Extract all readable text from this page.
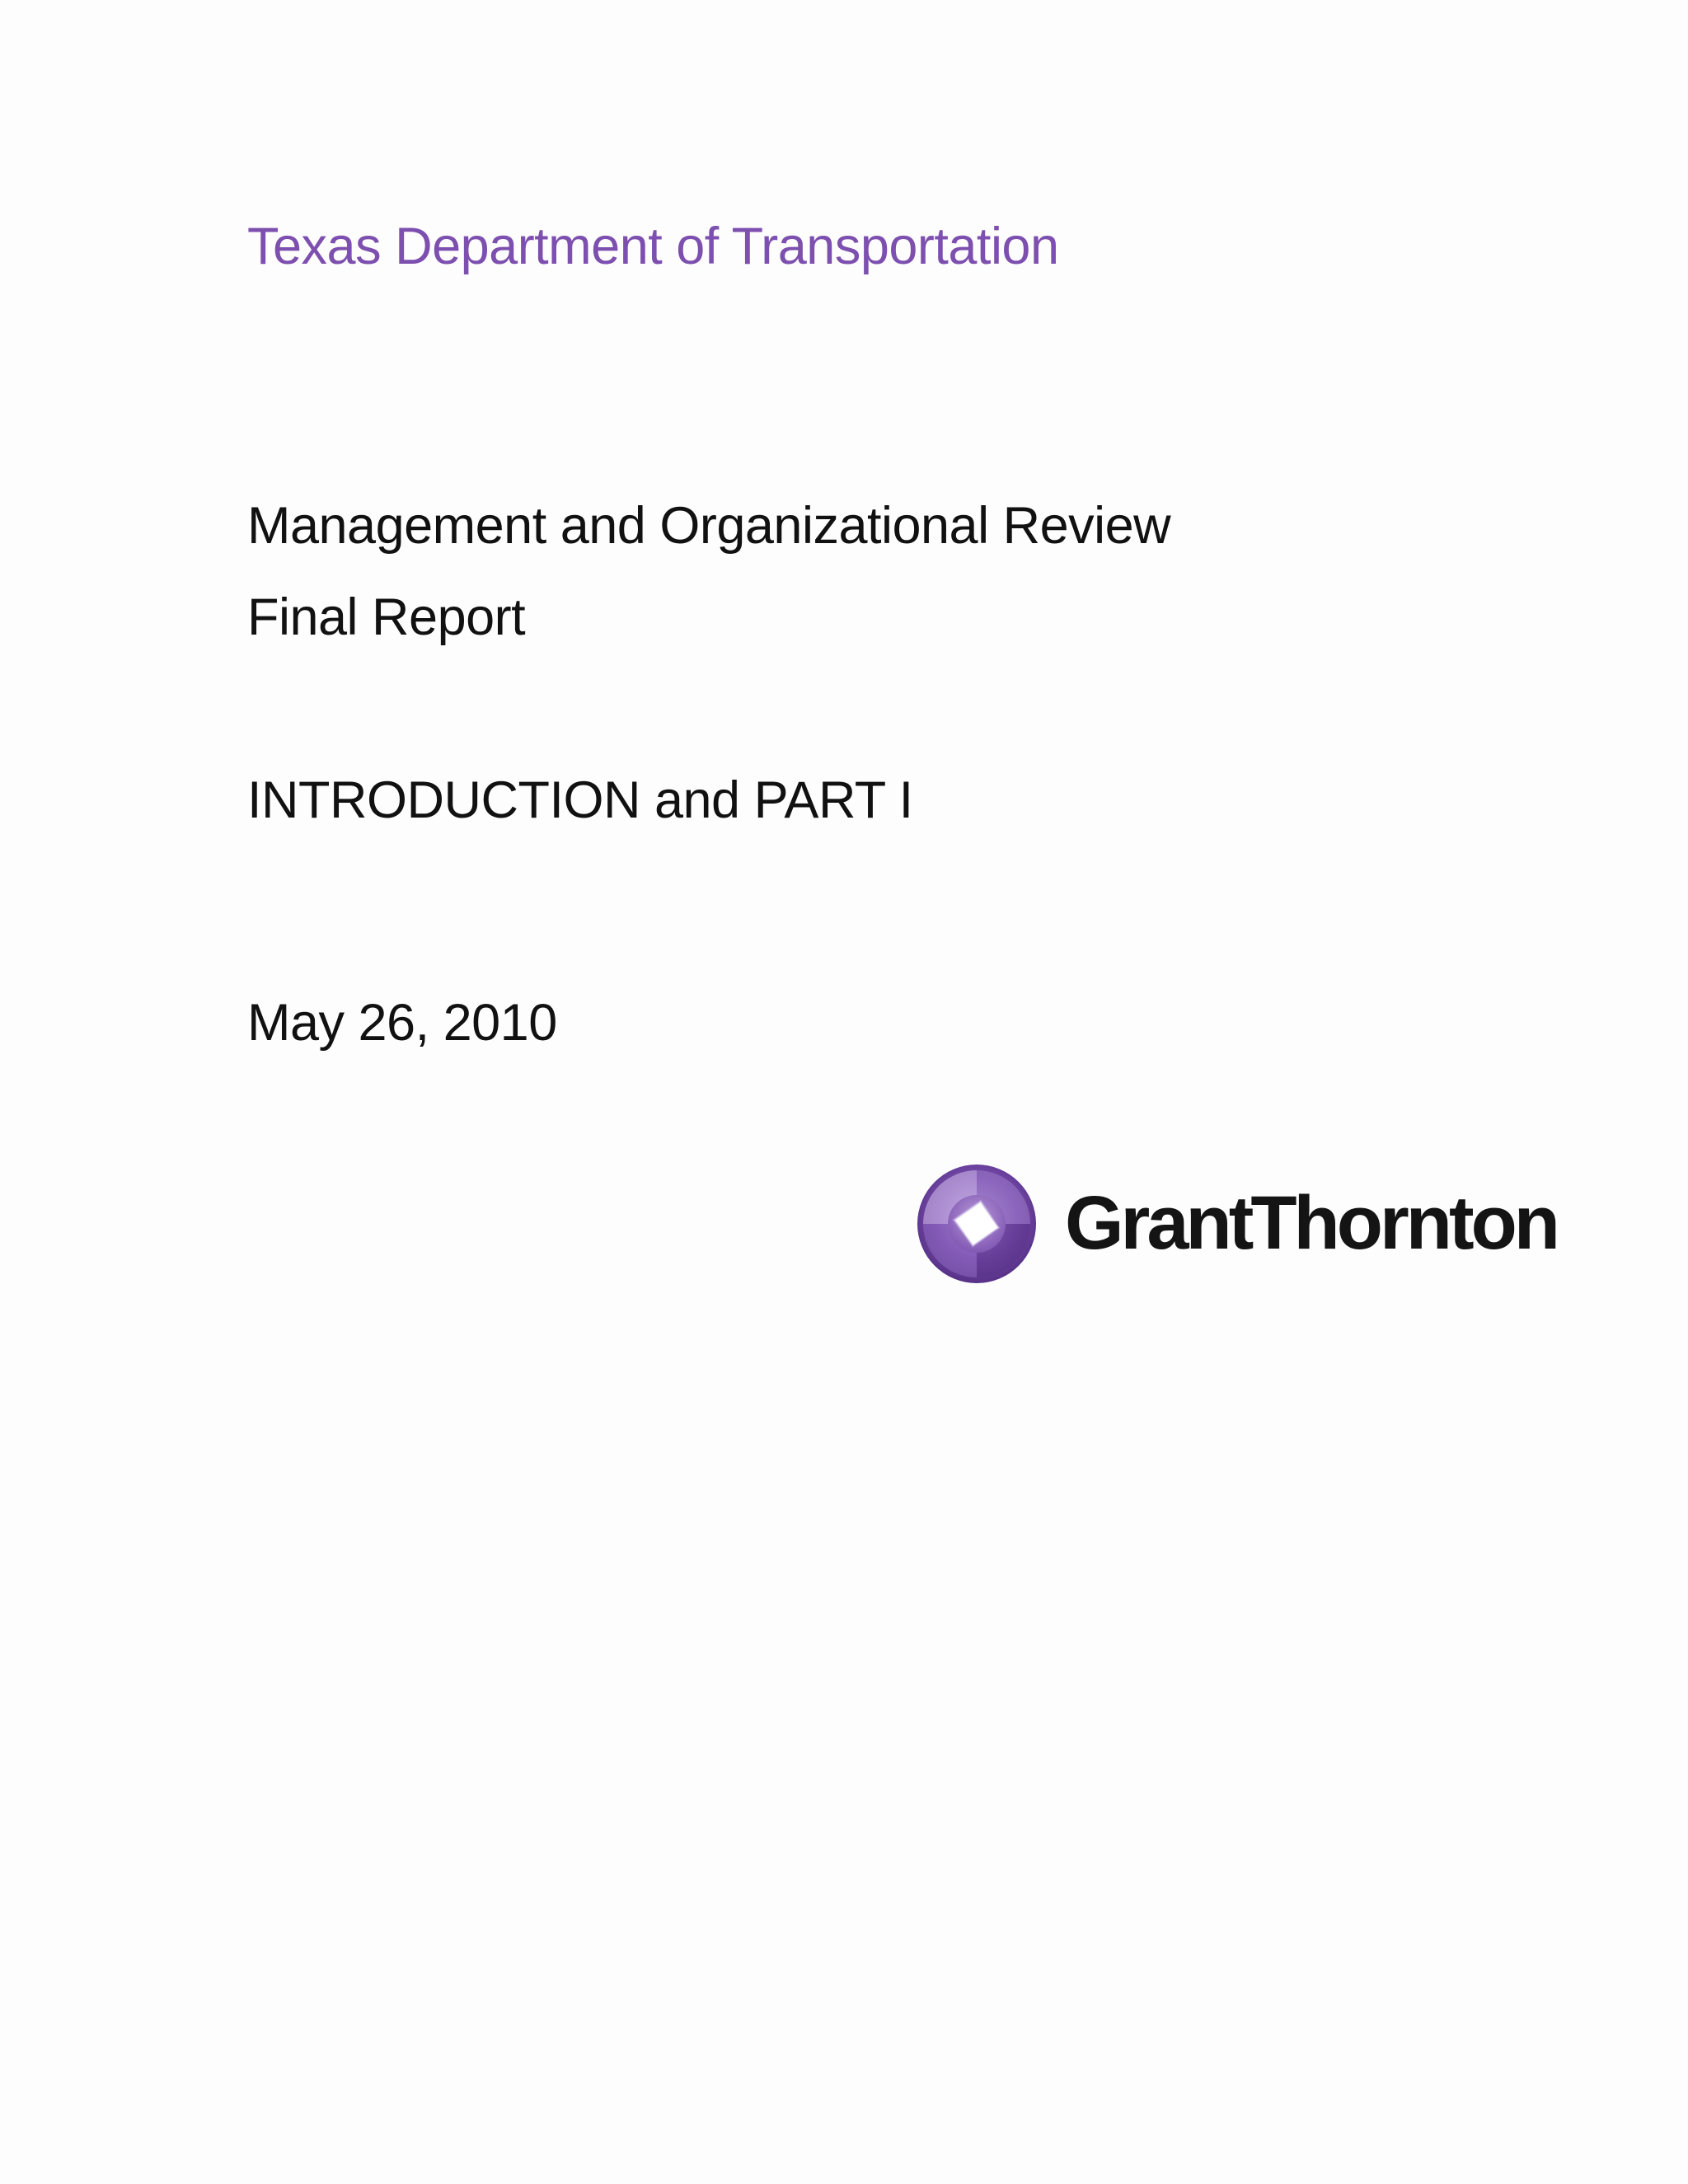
Texas Department of Transportation
Management and Organizational Review
Final Report
INTRODUCTION and PART I
May 26, 2010
GrantThornton
